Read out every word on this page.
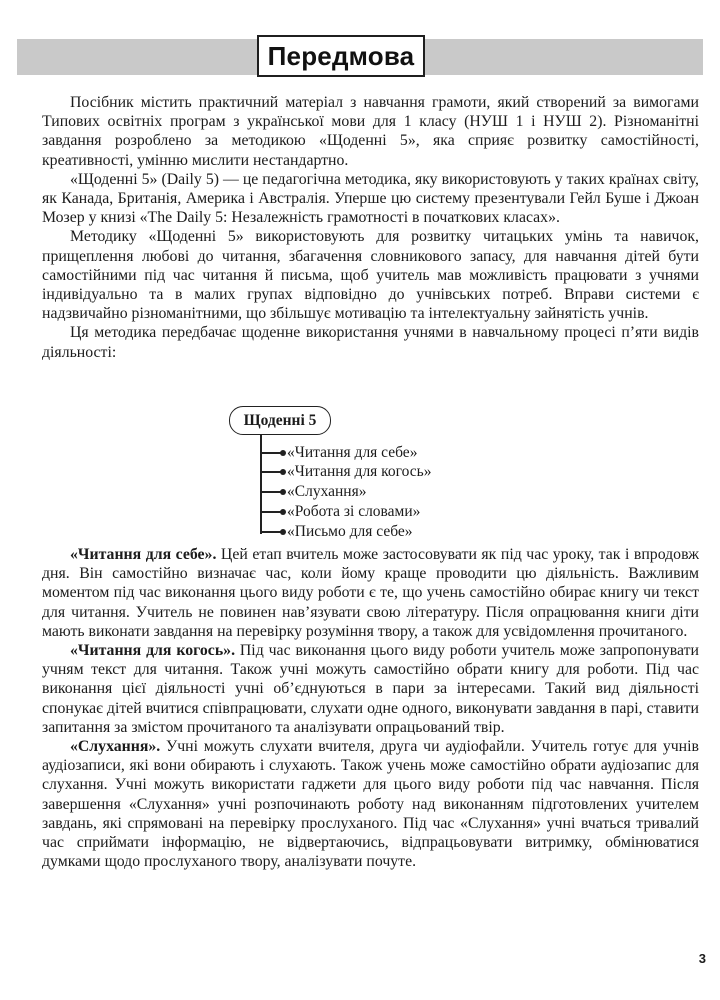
Передмова

Посібник містить практичний матеріал з навчання грамоти, який створений за вимогами Типових освітніх програм з української мови для 1 класу (НУШ 1 і НУШ 2). Різноманітні завдання розроблено за методикою «Щоденні 5», яка сприяє розвитку самостійності, креативності, умінню мислити нестандартно.

«Щоденні 5» (Daily 5) — це педагогічна методика, яку використовують у таких країнах світу, як Канада, Британія, Америка і Австралія. Уперше цю систему презентували Гейл Буше і Джоан Мозер у книзі «The Daily 5: Незалежність грамотності в початкових класах».

Методику «Щоденні 5» використовують для розвитку читацьких умінь та навичок, прищеплення любові до читання, збагачення словникового запасу, для навчання дітей бути самостійними під час читання й письма, щоб учитель мав можливість працювати з учнями індивідуально та в малих групах відповідно до учнівських потреб. Вправи системи є надзвичайно різноманітними, що збільшує мотивацію та інтелектуальну зайнятість учнів.

Ця методика передбачає щоденне використання учнями в навчальному процесі п’яти видів діяльності:

Щоденні 5
«Читання для себе»
«Читання для когось»
«Слухання»
«Робота зі словами»
«Письмо для себе»

«Читання для себе». Цей етап вчитель може застосовувати як під час уроку, так і впродовж дня. Він самостійно визначає час, коли йому краще проводити цю діяльність. Важливим моментом під час виконання цього виду роботи є те, що учень самостійно обирає книгу чи текст для читання. Учитель не повинен нав’язувати свою літературу. Після опрацювання книги діти мають виконати завдання на перевірку розуміння твору, а також для усвідомлення прочитаного.

«Читання для когось». Під час виконання цього виду роботи учитель може запропонувати учням текст для читання. Також учні можуть самостійно обрати книгу для роботи. Під час виконання цієї діяльності учні об’єднуються в пари за інтересами. Такий вид діяльності спонукає дітей вчитися співпрацювати, слухати одне одного, виконувати завдання в парі, ставити запитання за змістом прочитаного та аналізувати опрацьований твір.

«Слухання». Учні можуть слухати вчителя, друга чи аудіофайли. Учитель готує для учнів аудіозаписи, які вони обирають і слухають. Також учень може самостійно обрати аудіозапис для слухання. Учні можуть використати гаджети для цього виду роботи під час навчання. Після завершення «Слухання» учні розпочинають роботу над виконанням підготовлених учителем завдань, які спрямовані на перевірку прослуханого. Під час «Слухання» учні вчаться тривалий час сприймати інформацію, не відвертаючись, відпрацьовувати витримку, обмінюватися думками щодо прослуханого твору, аналізувати почуте.

3
